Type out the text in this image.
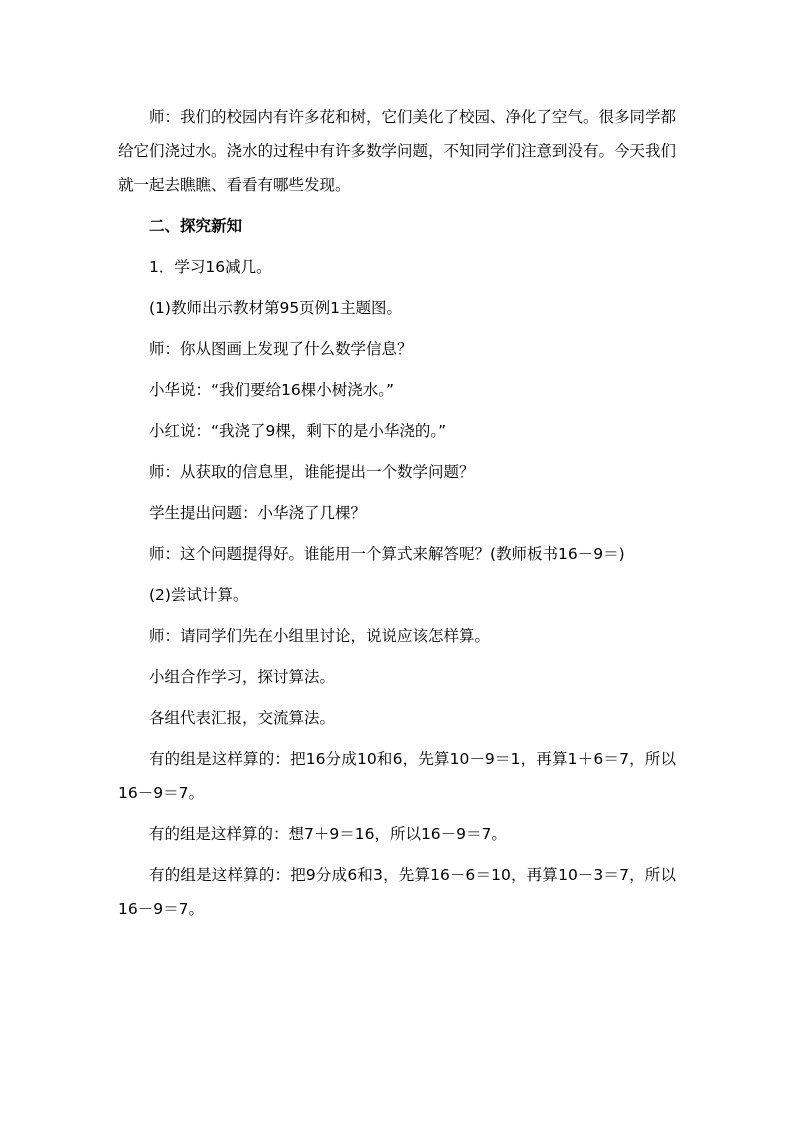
师：我们的校园内有许多花和树，它们美化了校园、净化了空气。很多同学都给它们浇过水。浇水的过程中有许多数学问题，不知同学们注意到没有。今天我们就一起去瞧瞧、看看有哪些发现。

二、探究新知

1．学习16减几。

(1)教师出示教材第95页例1主题图。

师：你从图画上发现了什么数学信息？

小华说：“我们要给16棵小树浇水。”

小红说：“我浇了9棵，剩下的是小华浇的。”

师：从获取的信息里，谁能提出一个数学问题？

学生提出问题：小华浇了几棵？

师：这个问题提得好。谁能用一个算式来解答呢？(教师板书16－9＝)

(2)尝试计算。

师：请同学们先在小组里讨论，说说应该怎样算。

小组合作学习，探讨算法。

各组代表汇报，交流算法。

有的组是这样算的：把16分成10和6，先算10－9＝1，再算1＋6＝7，所以16－9＝7。

有的组是这样算的：想7＋9＝16，所以16－9＝7。

有的组是这样算的：把9分成6和3，先算16－6＝10，再算10－3＝7，所以16－9＝7。
